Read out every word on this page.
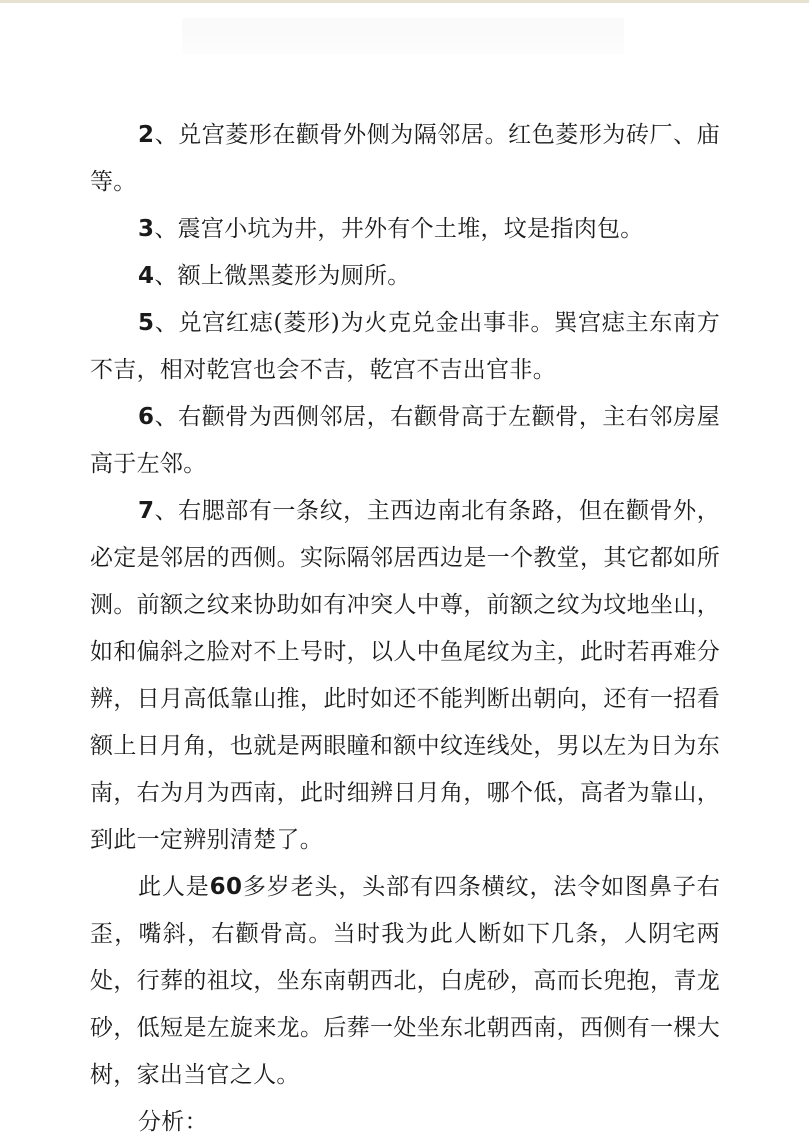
2、兑宫菱形在颧骨外侧为隔邻居。红色菱形为砖厂、庙等。

3、震宫小坑为井，井外有个土堆，坟是指肉包。

4、额上微黑菱形为厕所。

5、兑宫红痣(菱形)为火克兑金出事非。巽宫痣主东南方不吉，相对乾宫也会不吉，乾宫不吉出官非。

6、右颧骨为西侧邻居，右颧骨高于左颧骨，主右邻房屋高于左邻。

7、右腮部有一条纹，主西边南北有条路，但在颧骨外，必定是邻居的西侧。实际隔邻居西边是一个教堂，其它都如所测。前额之纹来协助如有冲突人中尊，前额之纹为坟地坐山，如和偏斜之脸对不上号时，以人中鱼尾纹为主，此时若再难分辨，日月高低靠山推，此时如还不能判断出朝向，还有一招看额上日月角，也就是两眼瞳和额中纹连线处，男以左为日为东南，右为月为西南，此时细辨日月角，哪个低，高者为靠山，到此一定辨别清楚了。

此人是60多岁老头，头部有四条横纹，法令如图鼻子右歪，嘴斜，右颧骨高。当时我为此人断如下几条，人阴宅两处，行葬的祖坟，坐东南朝西北，白虎砂，高而长兜抱，青龙砂，低短是左旋来龙。后葬一处坐东北朝西南，西侧有一棵大树，家出当官之人。

分析：
